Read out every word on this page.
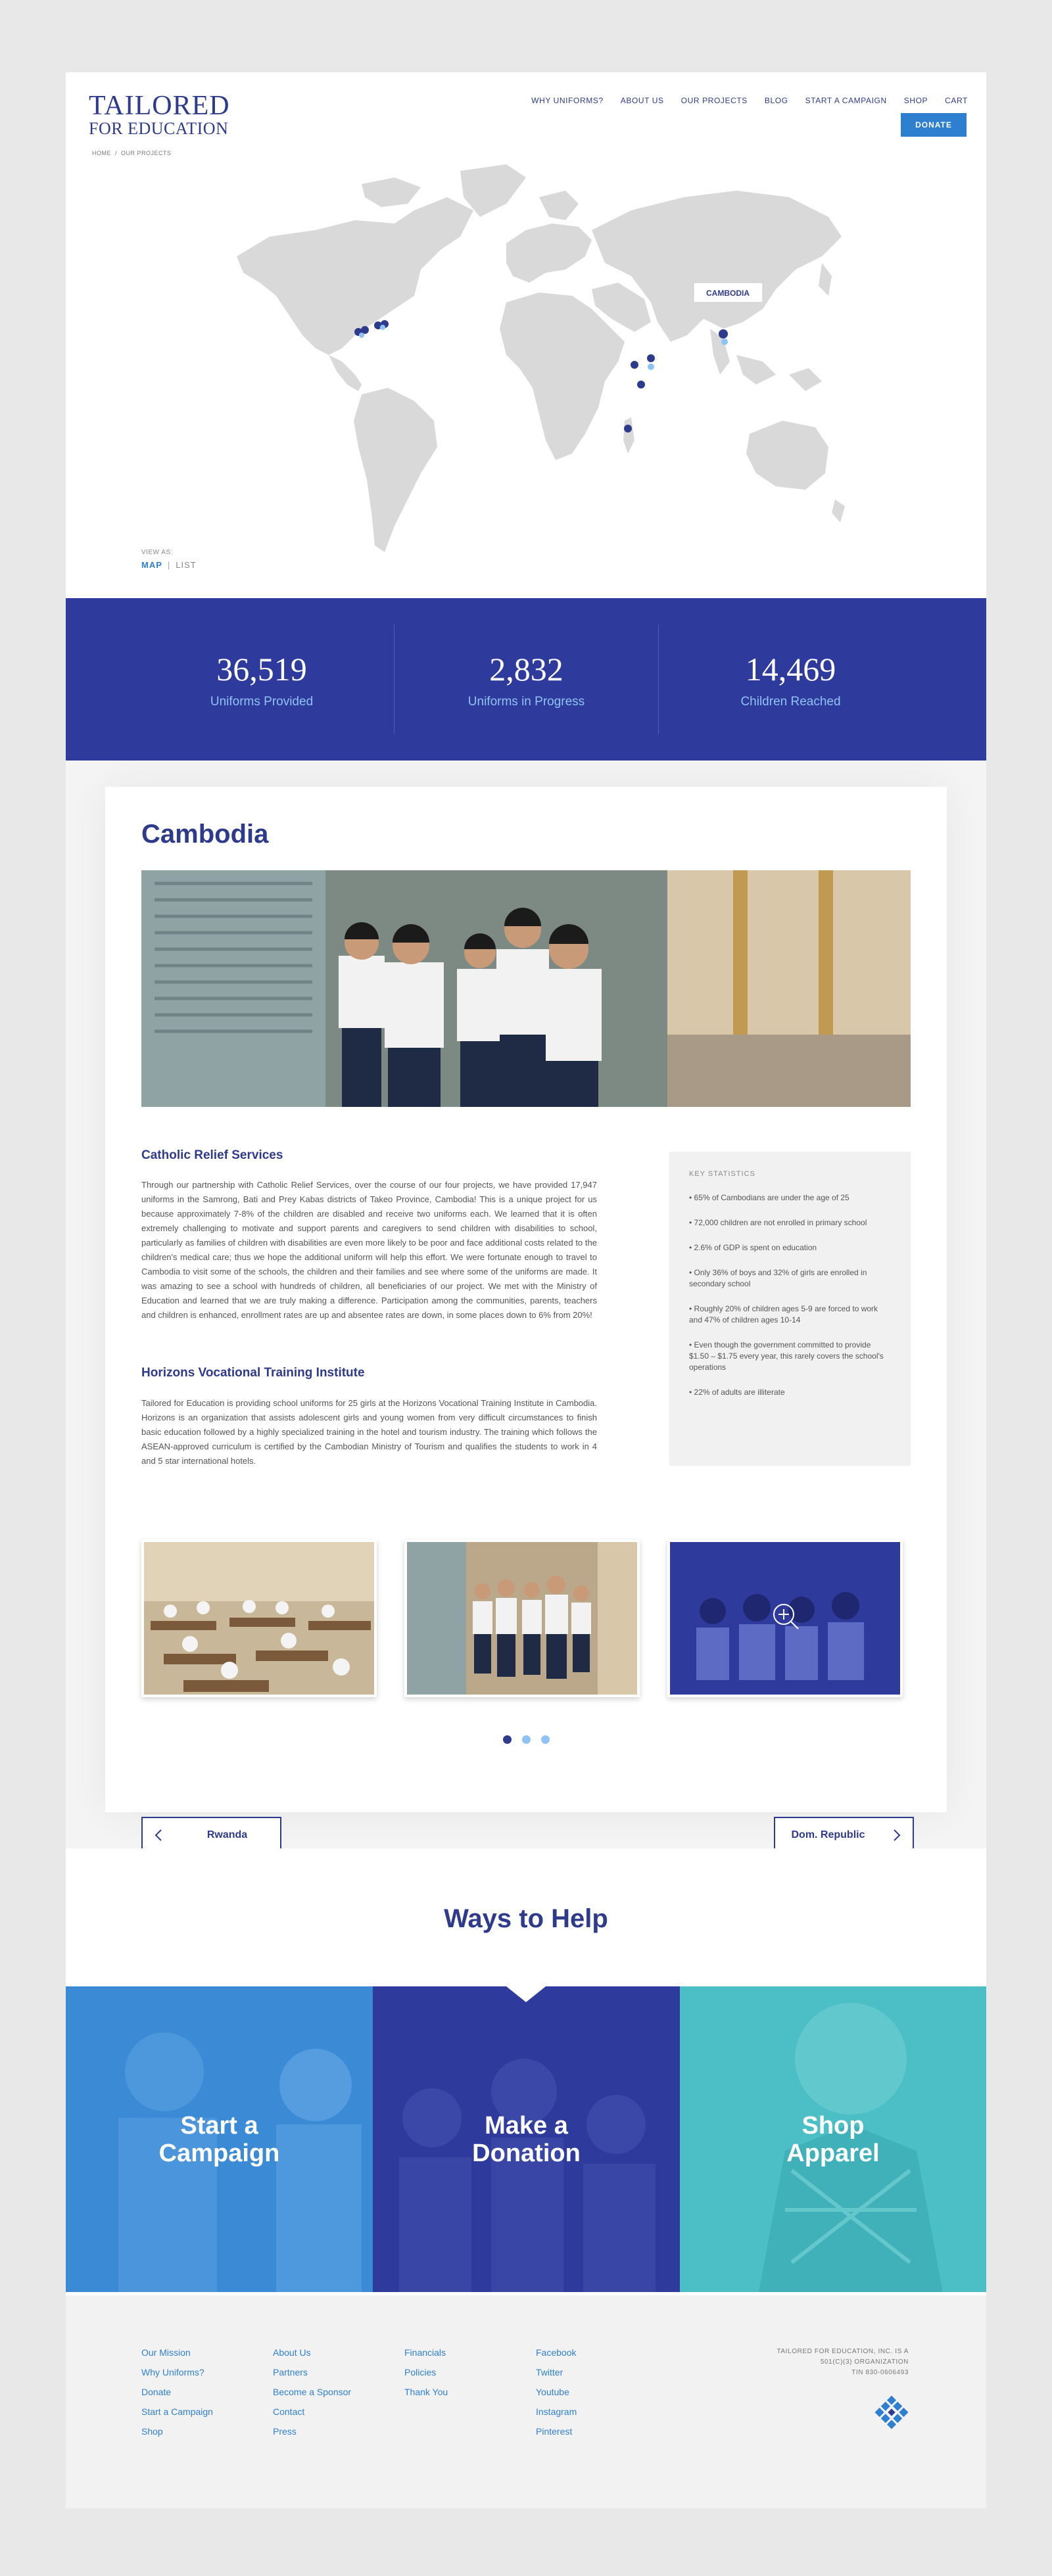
TAILORED
FOR EDUCATION
HOME / OUR PROJECTS
WHY UNIFORMS? ABOUT US OUR PROJECTS BLOG START A CAMPAIGN SHOP CART
DONATE
CAMBODIA
VIEW AS:
MAP | LIST
36,519
Uniforms Provided
2,832
Uniforms in Progress
14,469
Children Reached
Cambodia
Catholic Relief Services

Through our partnership with Catholic Relief Services, over the course of our four projects, we have provided 17,947 uniforms in the Samrong, Bati and Prey Kabas districts of Takeo Province, Cambodia! This is a unique project for us because approximately 7-8% of the children are disabled and receive two uniforms each. We learned that it is often extremely challenging to motivate and support parents and caregivers to send children with disabilities to school, particularly as families of children with disabilities are even more likely to be poor and face additional costs related to the children's medical care; thus we hope the additional uniform will help this effort. We were fortunate enough to travel to Cambodia to visit some of the schools, the children and their families and see where some of the uniforms are made. It was amazing to see a school with hundreds of children, all beneficiaries of our project. We met with the Ministry of Education and learned that we are truly making a difference. Participation among the communities, parents, teachers and children is enhanced, enrollment rates are up and absentee rates are down, in some places down to 6% from 20%!

Horizons Vocational Training Institute

Tailored for Education is providing school uniforms for 25 girls at the Horizons Vocational Training Institute in Cambodia. Horizons is an organization that assists adolescent girls and young women from very difficult circumstances to finish basic education followed by a highly specialized training in the hotel and tourism industry. The training which follows the ASEAN-approved curriculum is certified by the Cambodian Ministry of Tourism and qualifies the students to work in 4 and 5 star international hotels.

KEY STATISTICS
• 65% of Cambodians are under the age of 25
• 72,000 children are not enrolled in primary school
• 2.6% of GDP is spent on education
• Only 36% of boys and 32% of girls are enrolled in secondary school
• Roughly 20% of children ages 5-9 are forced to work and 47% of children ages 10-14
• Even though the government committed to provide $1.50 – $1.75 every year, this rarely covers the school's operations
• 22% of adults are illiterate
Rwanda	Dom. Republic
Ways to Help
Start a
Campaign
Make a
Donation
Shop
Apparel
Our Mission
Why Uniforms?
Donate
Start a Campaign
Shop
About Us
Partners
Become a Sponsor
Contact
Press
Financials
Policies
Thank You
Facebook
Twitter
Youtube
Instagram
Pinterest
TAILORED FOR EDUCATION, INC. IS A
501(C)(3) ORGANIZATION
TIN 830-0606493
